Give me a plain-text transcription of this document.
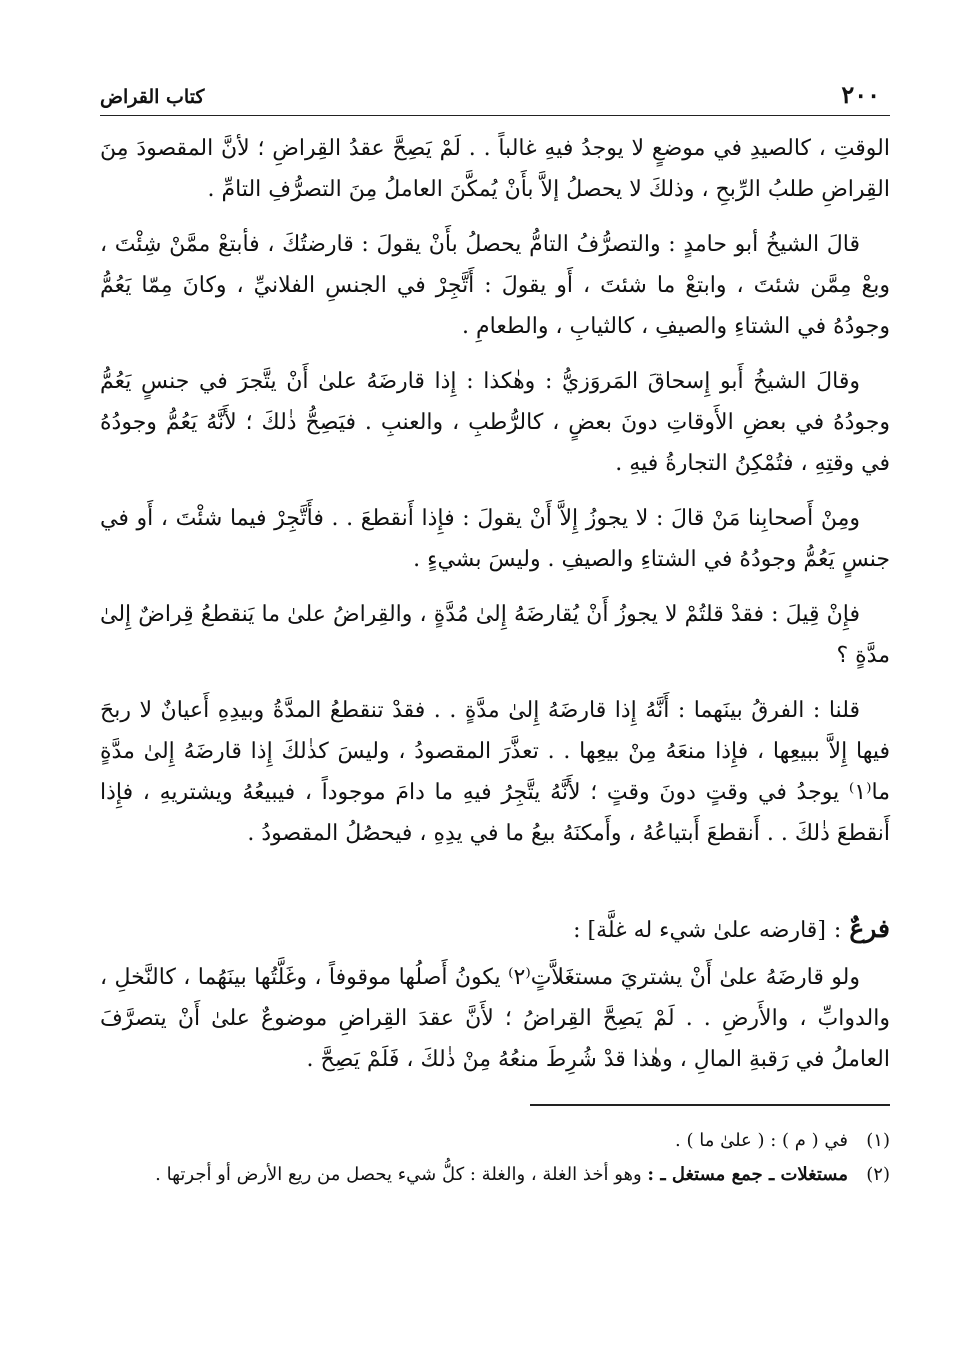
٢٠٠
كتاب القراض

الوقتِ ، كالصيدِ في موضعٍ لا يوجدُ فيهِ غالباً . . لَمْ يَصِحَّ عقدُ القِراضِ ؛ لأنَّ المقصودَ مِنَ القِراضِ طلبُ الرِّبحِ ، وذلكَ لا يحصلُ إلاَّ بأَنْ يُمكَّنَ العاملُ مِنَ التصرُّفِ التامِّ .

قالَ الشيخُ أبو حامدٍ : والتصرُّفُ التامُّ يحصلُ بأَنْ يقولَ : قارضتُكَ ، فأبتعْ ممَّنْ شِئْتَ ، وبعْ مِمَّن شئتَ ، وابتعْ ما شئتَ ، أَو يقولَ : أَتَّجِرْ في الجنسِ الفلانيِّ ، وكانَ مِمّا يَعُمُّ وجودُهُ في الشتاءِ والصيفِ ، كالثيابِ ، والطعامِ .

وقالَ الشيخُ أَبو إِسحاقَ المَروَزيُّ : وهٰكذا : إِذا قارضَهُ علىٰ أَنْ يتَّجرَ في جنسٍ يَعُمُّ وجودُهُ في بعضِ الأَوقاتِ دونَ بعضٍ ، كالرُّطبِ ، والعنبِ . فيَصِحُّ ذٰلكَ ؛ لأَنَّهُ يَعُمُّ وجودُهُ في وقتِهِ ، فتُمْكِنُ التجارةُ فيهِ .

ومِنْ أَصحابِنا مَنْ قالَ : لا يجوزُ إِلاَّ أَنْ يقولَ : فإِذا أَنقطعَ . . فأَتَّجِرْ فيما شئْتَ ، أَو في جنسٍ يَعُمُّ وجودُهُ في الشتاءِ والصيفِ . وليسَ بشيءٍ .

فإِنْ قِيلَ : فقدْ قلتُمْ لا يجوزُ أَنْ يُقارضَهُ إِلىٰ مُدَّةٍ ، والقِراضُ علىٰ ما يَنقطعُ قِراضٌ إِلىٰ مدَّةٍ ؟

قلنا : الفرقُ بينَهما : أَنَّهُ إِذا قارضَهُ إِلىٰ مدَّةٍ . . فقدْ تنقطعُ المدَّةُ وبيدِهِ أَعيانٌ لا ربحَ فيها إِلاَّ ببيعِها ، فإِذا منعَهُ مِنْ بيعِها . . تعذَّرَ المقصودُ ، وليسَ كذٰلكَ إِذا قارضَهُ إِلىٰ مدَّةٍ ما⁽١⁾ يوجدُ في وقتٍ دونَ وقتٍ ؛ لأَنَّهُ يتَّجِرُ فيهِ ما دامَ موجوداً ، فيبيعُهُ ويشتريهِ ، فإِذا أَنقطعَ ذٰلكَ . . أَنقطعَ أَبتياعُهُ ، وأَمكنَهُ بيعُ ما في يدِهِ ، فيحصُلُ المقصودُ .

فرعٌ:[قارضه علىٰ شيء له غلَّة] :

ولو قارضَهُ علىٰ أَنْ يشتريَ مستغَلاَّتٍ⁽٢⁾ يكونُ أَصلُها موقوفاً ، وغَلَّتُها بينَهُما ، كالنَّخلِ ، والدوابِّ ، والأَرضِ . . لَمْ يَصِحَّ القِراضُ ؛ لأَنَّ عقدَ القِراضِ موضوعٌ علىٰ أَنْ يتصرَّفَ العاملُ في رَقبةِ المالِ ، وهٰذا قدْ شُرِطَ منعُهُ مِنْ ذٰلكَ ، فَلَمْ يَصِحَّ .

(١)
في ( م ) : ( علىٰ ما ) .
(٢)
مستغلات ـ جمع مستغل ـ : وهو أخذ الغلة ، والغلة : كلُّ شيء يحصل من ريع الأرض أو أجرتها .
